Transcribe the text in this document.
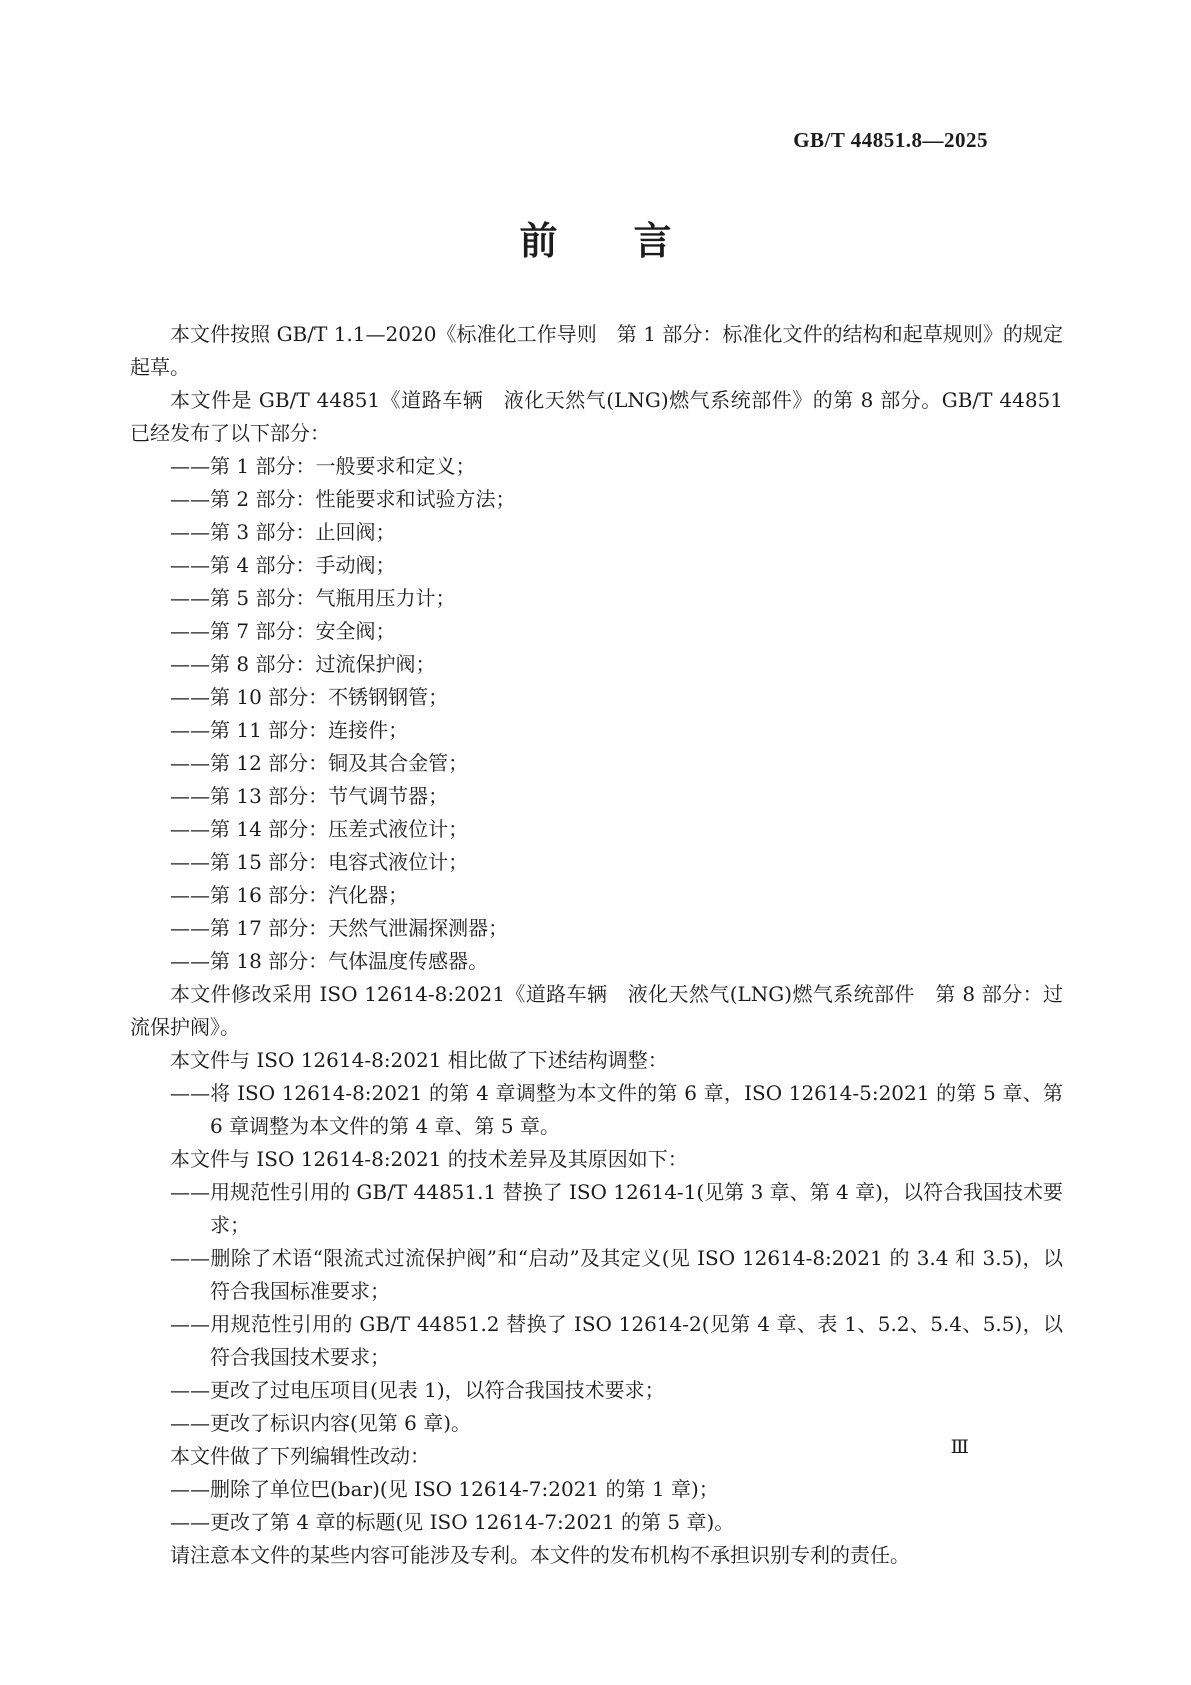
GB/T 44851.8—2025
前　　言
本文件按照 GB/T 1.1—2020《标准化工作导则　第 1 部分：标准化文件的结构和起草规则》的规定起草。
本文件是 GB/T 44851《道路车辆　液化天然气(LNG)燃气系统部件》的第 8 部分。GB/T 44851 已经发布了以下部分：
——第 1 部分：一般要求和定义；
——第 2 部分：性能要求和试验方法；
——第 3 部分：止回阀；
——第 4 部分：手动阀；
——第 5 部分：气瓶用压力计；
——第 7 部分：安全阀；
——第 8 部分：过流保护阀；
——第 10 部分：不锈钢钢管；
——第 11 部分：连接件；
——第 12 部分：铜及其合金管；
——第 13 部分：节气调节器；
——第 14 部分：压差式液位计；
——第 15 部分：电容式液位计；
——第 16 部分：汽化器；
——第 17 部分：天然气泄漏探测器；
——第 18 部分：气体温度传感器。
本文件修改采用 ISO 12614-8:2021《道路车辆　液化天然气(LNG)燃气系统部件　第 8 部分：过流保护阀》。
本文件与 ISO 12614-8:2021 相比做了下述结构调整：
——将 ISO 12614-8:2021 的第 4 章调整为本文件的第 6 章，ISO 12614-5:2021 的第 5 章、第 6 章调整为本文件的第 4 章、第 5 章。
本文件与 ISO 12614-8:2021 的技术差异及其原因如下：
——用规范性引用的 GB/T 44851.1 替换了 ISO 12614-1(见第 3 章、第 4 章)，以符合我国技术要求；
——删除了术语“限流式过流保护阀”和“启动”及其定义(见 ISO 12614-8:2021 的 3.4 和 3.5)，以符合我国标准要求；
——用规范性引用的 GB/T 44851.2 替换了 ISO 12614-2(见第 4 章、表 1、5.2、5.4、5.5)，以符合我国技术要求；
——更改了过电压项目(见表 1)，以符合我国技术要求；
——更改了标识内容(见第 6 章)。
本文件做了下列编辑性改动：
——删除了单位巴(bar)(见 ISO 12614-7:2021 的第 1 章)；
——更改了第 4 章的标题(见 ISO 12614-7:2021 的第 5 章)。
请注意本文件的某些内容可能涉及专利。本文件的发布机构不承担识别专利的责任。
Ⅲ
